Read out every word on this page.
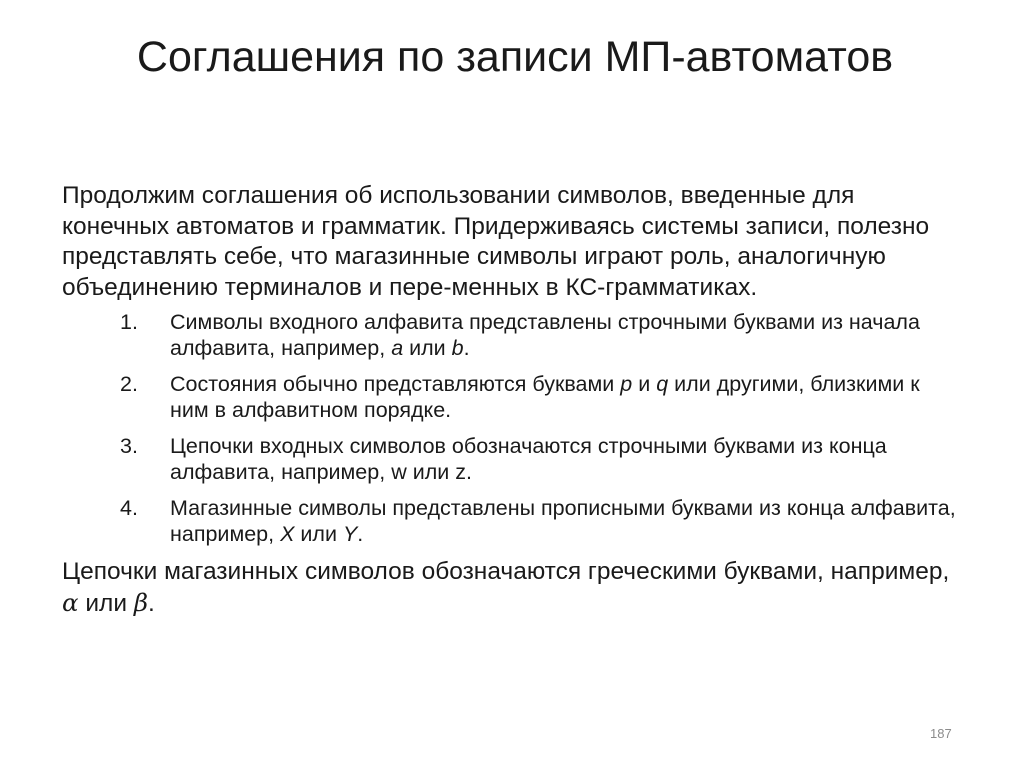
Соглашения по записи МП-автоматов

Продолжим соглашения об использовании символов, введенные для конечных автоматов и грамматик. Придерживаясь системы записи, полезно представлять себе, что магазинные символы играют роль, аналогичную объединению терминалов и пере-менных в КС-грамматиках.

1. Символы входного алфавита представлены строчными буквами из начала алфавита, например, a или b.
2. Состояния обычно представляются буквами p и q или другими, близкими к ним в алфавитном порядке.
3. Цепочки входных символов обозначаются строчными буквами из конца алфавита, например, w или z.
4. Магазинные символы представлены прописными буквами из конца алфавита, например, X или Y.

Цепочки магазинных символов обозначаются греческими буквами, например, α или β.

187
